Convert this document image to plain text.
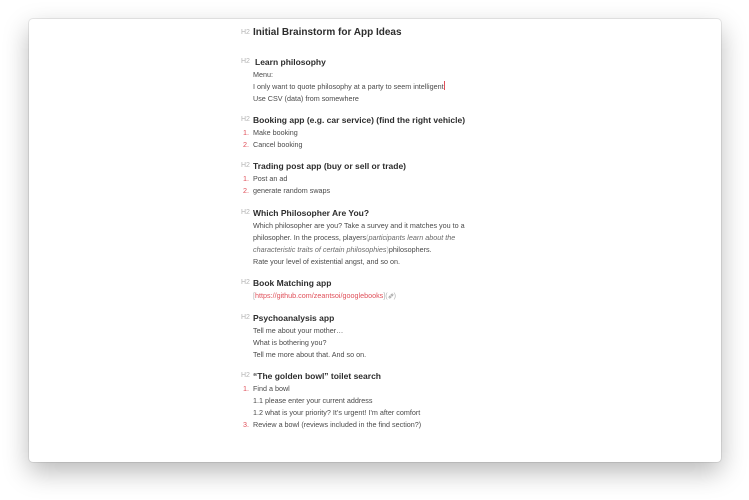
H2 Initial Brainstorm for App Ideas
H2 Learn philosophy
Menu:
I only want to quote philosophy at a party to seem intelligent
Use CSV (data) from somewhere
H2 Booking app (e.g. car service) (find the right vehicle)
1. Make booking
2. Cancel booking
H2 Trading post app (buy or sell or trade)
1. Post an ad
2. generate random swaps
H2 Which Philosopher Are You?
Which philosopher are you? Take a survey and it matches you to a
philosopher. In the process, players(participants learn about the
characteristic traits of certain philosophies)philosophers.
Rate your level of existential angst, and so on.
H2 Book Matching app
[https://github.com/zeantsoi/googlebooks]( )
H2 Psychoanalysis app
Tell me about your mother…
What is bothering you?
Tell me more about that. And so on.
H2 “The golden bowl” toilet search
1. Find a bowl
1.1 please enter your current address
1.2 what is your priority? It’s urgent! I’m after comfort
3. Review a bowl (reviews included in the find section?)
